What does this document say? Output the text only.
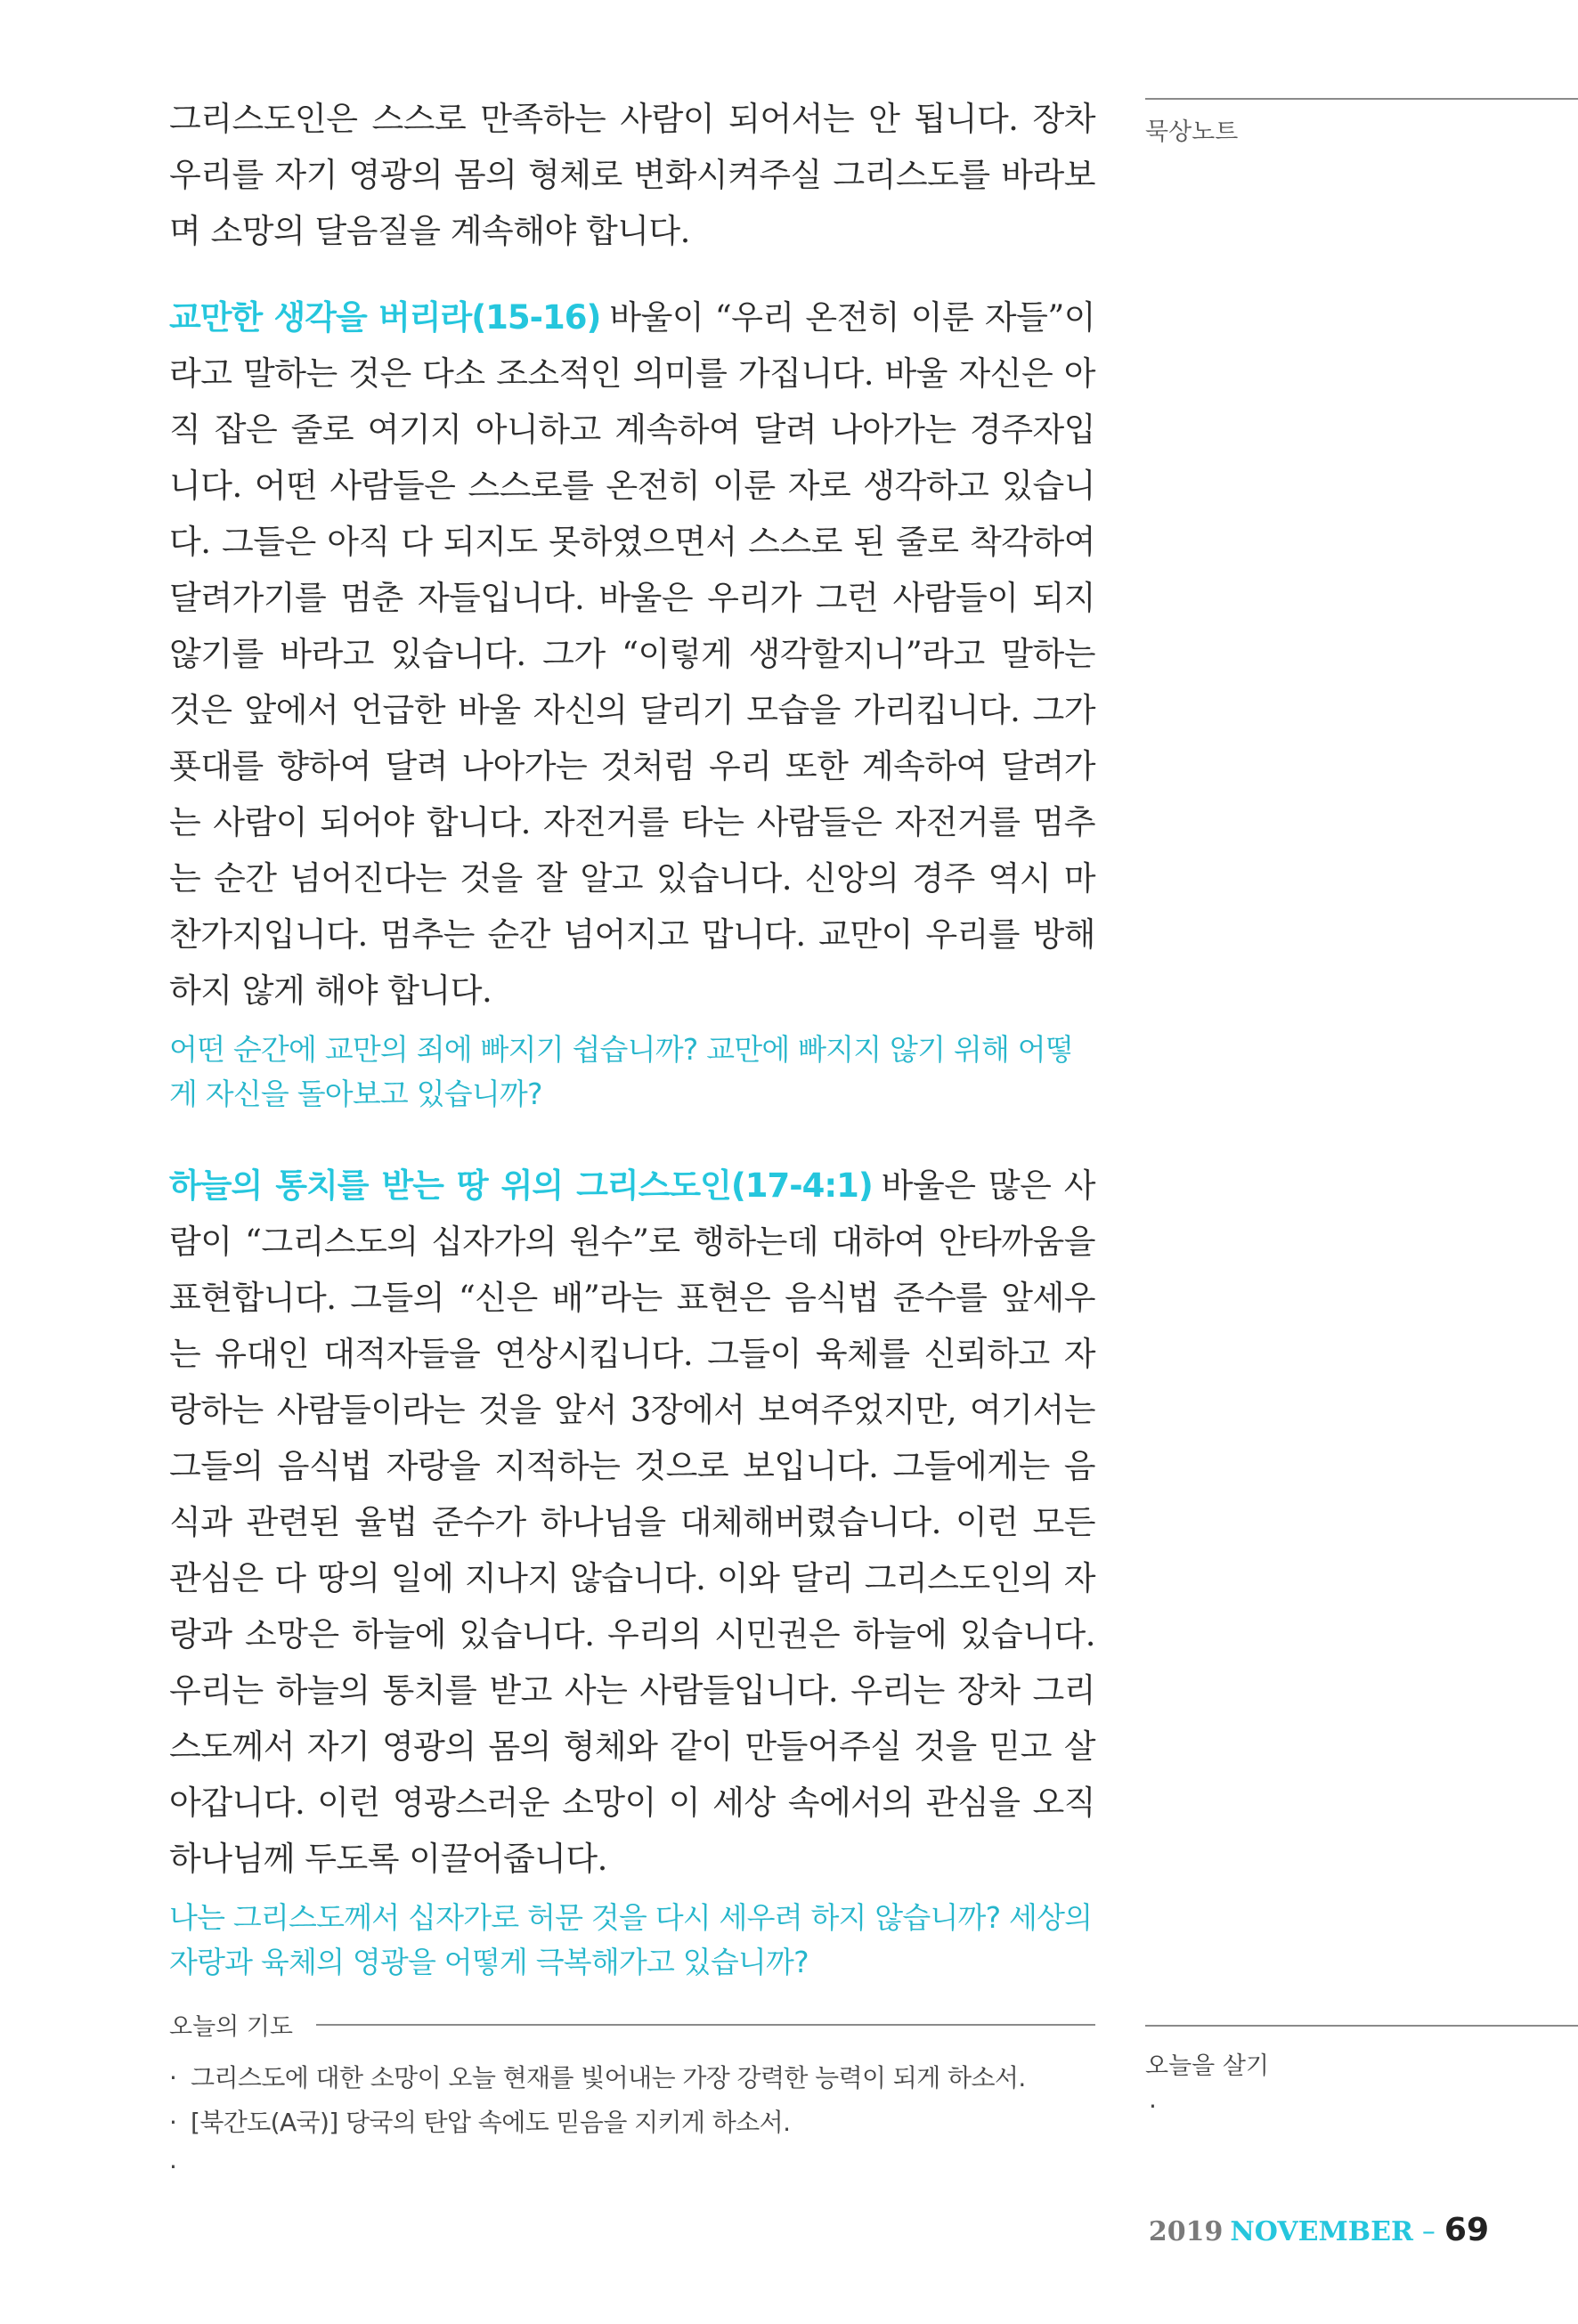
그리스도인은 스스로 만족하는 사람이 되어서는 안 됩니다. 장차 우리를 자기 영광의 몸의 형체로 변화시켜주실 그리스도를 바라보며 소망의 달음질을 계속해야 합니다.

교만한 생각을 버리라(15-16) 바울이 “우리 온전히 이룬 자들”이라고 말하는 것은 다소 조소적인 의미를 가집니다. 바울 자신은 아직 잡은 줄로 여기지 아니하고 계속하여 달려 나아가는 경주자입니다. 어떤 사람들은 스스로를 온전히 이룬 자로 생각하고 있습니다. 그들은 아직 다 되지도 못하였으면서 스스로 된 줄로 착각하여 달려가기를 멈춘 자들입니다. 바울은 우리가 그런 사람들이 되지 않기를 바라고 있습니다. 그가 “이렇게 생각할지니”라고 말하는 것은 앞에서 언급한 바울 자신의 달리기 모습을 가리킵니다. 그가 푯대를 향하여 달려 나아가는 것처럼 우리 또한 계속하여 달려가는 사람이 되어야 합니다. 자전거를 타는 사람들은 자전거를 멈추는 순간 넘어진다는 것을 잘 알고 있습니다. 신앙의 경주 역시 마찬가지입니다. 멈추는 순간 넘어지고 맙니다. 교만이 우리를 방해하지 않게 해야 합니다.

어떤 순간에 교만의 죄에 빠지기 쉽습니까? 교만에 빠지지 않기 위해 어떻게 자신을 돌아보고 있습니까?

하늘의 통치를 받는 땅 위의 그리스도인(17-4:1) 바울은 많은 사람이 “그리스도의 십자가의 원수”로 행하는데 대하여 안타까움을 표현합니다. 그들의 “신은 배”라는 표현은 음식법 준수를 앞세우는 유대인 대적자들을 연상시킵니다. 그들이 육체를 신뢰하고 자랑하는 사람들이라는 것을 앞서 3장에서 보여주었지만, 여기서는 그들의 음식법 자랑을 지적하는 것으로 보입니다. 그들에게는 음식과 관련된 율법 준수가 하나님을 대체해버렸습니다. 이런 모든 관심은 다 땅의 일에 지나지 않습니다. 이와 달리 그리스도인의 자랑과 소망은 하늘에 있습니다. 우리의 시민권은 하늘에 있습니다. 우리는 하늘의 통치를 받고 사는 사람들입니다. 우리는 장차 그리스도께서 자기 영광의 몸의 형체와 같이 만들어주실 것을 믿고 살아갑니다. 이런 영광스러운 소망이 이 세상 속에서의 관심을 오직 하나님께 두도록 이끌어줍니다.

나는 그리스도께서 십자가로 허문 것을 다시 세우려 하지 않습니까? 세상의 자랑과 육체의 영광을 어떻게 극복해가고 있습니까?

묵상노트
오늘의 기도
· 그리스도에 대한 소망이 오늘 현재를 빛어내는 가장 강력한 능력이 되게 하소서.
· [북간도(A국)] 당국의 탄압 속에도 믿음을 지키게 하소서.
·
오늘을 살기
·
2019 NOVEMBER – 69
